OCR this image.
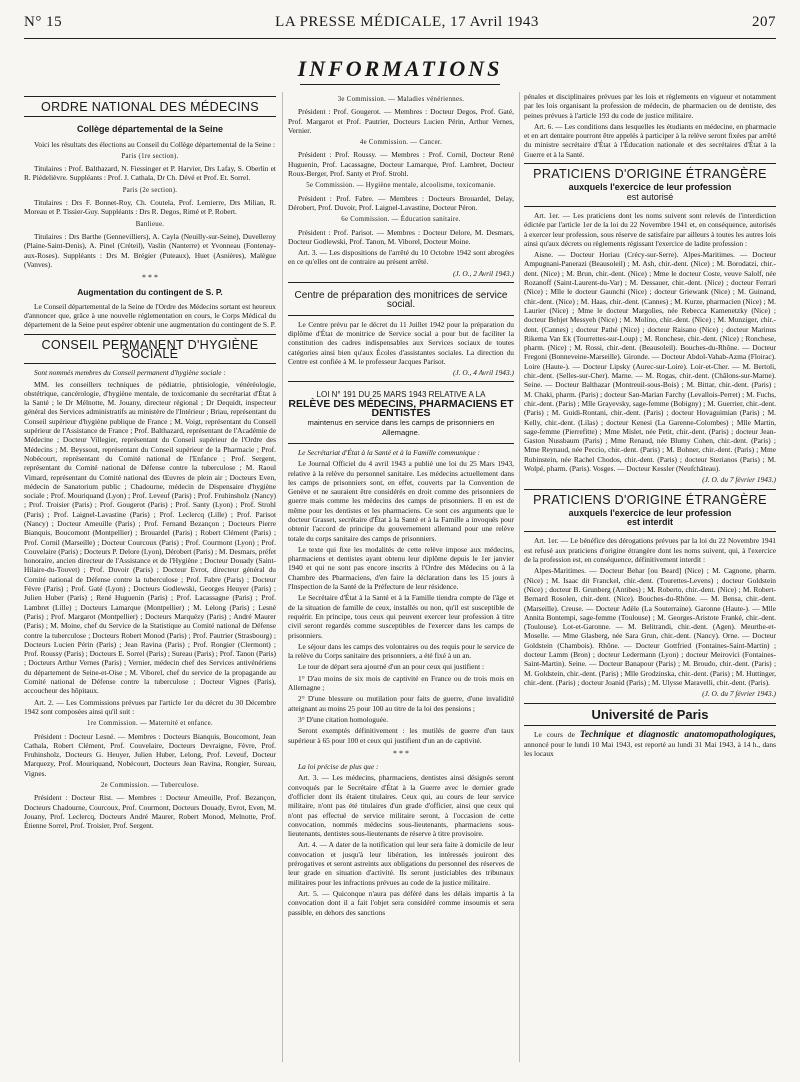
N° 15	LA PRESSE MÉDICALE, 17 Avril 1943	207
INFORMATIONS
ORDRE NATIONAL DES MÉDECINS
Collège départemental de la Seine

Voici les résultats des élections au Conseil du Collège départemental de la Seine :

Paris (1re section).

Titulaires : Prof. Balthazard, N. Fiessinger et P. Harvier, Drs Lafay, S. Oberlin et R. Piédelièvre. Suppléants : Prof. J. Cathala, Dr Ch. Dévé et Prof. Et. Sorrel.

Paris (2e section).

Titulaires : Drs F. Bonnet-Roy, Ch. Coutela, Prof. Lemierre, Drs Milian, R. Moreau et P. Tissier-Guy. Suppléants : Drs R. Degos, Rimé et P. Robert.

Banlieue.

Titulaires : Drs Barthe (Gennevilliers), A. Cayla (Neuilly-sur-Seine), Duvelleroy (Plaine-Saint-Denis), A. Pinel (Créteil), Vaslin (Nanterre) et Yvonneau (Fontenay-aux-Roses). Suppléants : Drs M. Brégier (Puteaux), Huet (Asnières), Malègue (Vanves).

* * *

Augmentation du contingent de S. P.

Le Conseil départemental de la Seine de l'Ordre des Médecins sortant est heureux d'annoncer que, grâce à une nouvelle réglementation en cours, le Corps Médical du département de la Seine peut espérer obtenir une augmentation du contingent de S. P.

CONSEIL PERMANENT D'HYGIÈNE SOCIALE

Sont nommés membres du Conseil permanent d'hygiène sociale :

MM. les conseillers techniques de pédiatrie, phtisiologie, vénéréologie, obstétrique, cancérologie, d'hygiène mentale, de toxicomanie du secrétariat d'État à la Santé ; le Dr Mélnotte, M. Jouany, directeur régional ; Dr Dequidt, inspecteur général des Services administratifs au ministère de l'Intérieur ; Briau, représentant du Conseil supérieur d'hygiène publique de France ; M. Voigt, représentant du Conseil supérieur de l'Assistance de France ; Prof. Balthazard, représentant de l'Académie de Médecine ; Docteur Villegier, représentant du Conseil supérieur de l'Ordre des Médecins ; M. Beyssout, représentant du Conseil supérieur de la Pharmacie ; Prof. Nobécourt, représentant du Comité national de l'Enfance ; Prof. Sergent, représentant du Comité national de Défense contre la tuberculose ; M. Raoul Vimard, représentant du Comité national des Œuvres de plein air ; Docteurs Even, médecin de Sanatorium public ; Chadourne, médecin de Dispensaire d'hygiène sociale ; Prof. Mouriquand (Lyon) ; Prof. Leveuf (Paris) ; Prof. Fruhinsholz (Nancy) ; Prof. Troisier (Paris) ; Prof. Gougerot (Paris) ; Prof. Santy (Lyon) ; Prof. Strohl (Paris) ; Prof. Laignel-Lavastine (Paris) ; Prof. Leclercq (Lille) ; Prof. Parisot (Nancy) ; Docteur Ameuille (Paris) ; Prof. Fernand Bezançon ; Docteurs Pierre Bianquis, Boucomont (Montpellier) ; Brouardel (Paris) ; Robert Clément (Paris) ; Prof. Cornil (Marseille) ; Docteur Courcoux (Paris) ; Prof. Courmont (Lyon) ; Prof. Couvelaire (Paris) ; Docteurs P. Delore (Lyon), Dérobert (Paris) ; M. Desmars, préfet honoraire, ancien directeur de l'Assistance et de l'Hygiène ; Docteur Douady (Saint-Hilaire-du-Touvet) ; Prof. Duvoir (Paris) ; Docteur Evrot, directeur général du Comité national de Défense contre la tuberculose ; Prof. Fabre (Paris) ; Docteur Fèvre (Paris) ; Prof. Gaté (Lyon) ; Docteurs Godlewski, Georges Heuyer (Paris) ; Julien Huber (Paris) ; René Huguenin (Paris) ; Prof. Lacassagne (Paris) ; Prof. Lambret (Lille) ; Docteurs Lamarque (Montpellier) ; M. Lelong (Paris) ; Lesné (Paris) ; Prof. Margarot (Montpellier) ; Docteurs Marquézy (Paris) ; André Maurer (Paris) ; M. Moine, chef du Service de la Statistique au Comité national de Défense contre la tuberculose ; Docteurs Robert Monod (Paris) ; Prof. Pautrier (Strasbourg) ; Docteurs Lucien Périn (Paris) ; Jean Ravina (Paris) ; Prof. Rongier (Clermont) ; Prof. Roussy (Paris) ; Docteurs E. Sorrel (Paris) ; Sureau (Paris) ; Prof. Tanon (Paris) ; Docteurs Arthur Vernes (Paris) ; Vernier, médecin chef des Services antivénériens du département de Seine-et-Oise ; M. Viborel, chef du service de la propagande au Comité national de Défense contre la tuberculose ; Docteur Vignes (Paris), accoucheur des hôpitaux.

Art. 2. — Les Commissions prévues par l'article 1er du décret du 30 Décembre 1942 sont composées ainsi qu'il suit :

1re Commission. — Maternité et enfance.

Président : Docteur Lesné. — Membres : Docteurs Bianquis, Boucomont, Jean Cathala, Robert Clément, Prof. Couvelaire, Docteurs Devraigne, Fèvre, Prof. Fruhinsholz, Docteurs G. Heuyer, Julien Huber, Lelong, Prof. Leveuf, Docteur Marquezy, Prof. Mouriquand, Nobécourt, Docteurs Jean Ravina, Rongier, Sureau, Vignes.

2e Commission. — Tuberculose.

Président : Docteur Rist. — Membres : Docteur Ameuille, Prof. Bezançon, Docteurs Chadourne, Courcoux, Prof. Courmont, Docteurs Douady, Evrot, Even, M. Jouany, Prof. Leclercq, Docteurs André Maurer, Robert Monod, Melnotte, Prof. Étienne Sorrel, Prof. Troisier, Prof. Sergent.

3e Commission. — Maladies vénériennes.

Président : Prof. Gougerot. — Membres : Docteur Degos, Prof. Gaté, Prof. Margarot et Prof. Pautrier, Docteurs Lucien Périn, Arthur Vernes, Vernier.

4e Commission. — Cancer.

Président : Prof. Roussy. — Membres : Prof. Cornil, Docteur René Huguenin, Prof. Lacassagne, Docteur Lamarque, Prof. Lambret, Docteur Roux-Berger, Prof. Santy et Prof. Strohl.

5e Commission. — Hygiène mentale, alcoolisme, toxicomanie.

Président : Prof. Fabre. — Membres : Docteurs Brouardel, Delay, Dérobert, Prof. Duvoir, Prof. Laignel-Lavastine, Docteur Péron.

6e Commission. — Éducation sanitaire.

Président : Prof. Parisot. — Membres : Docteur Delore, M. Desmars, Docteur Godlewski, Prof. Tanon, M. Viborel, Docteur Moine.

Art. 3. — Les dispositions de l'arrêté du 10 Octobre 1942 sont abrogées en ce qu'elles ont de contraire au présent arrêté.

(J. O., 2 Avril 1943.)

Centre de préparation des monitrices de service social.

Le Centre prévu par le décret du 11 Juillet 1942 pour la préparation du diplôme d'État de monitrice de Service social a pour but de faciliter la constitution des cadres indispensables aux Services sociaux de toutes catégories ainsi bien qu'aux Écoles d'assistantes sociales. La direction du Centre est confiée à M. le professeur Jacques Parisot.

(J. O., 4 Avril 1943.)

LOI N° 191 DU 25 MARS 1943 RELATIVE A LA
RELÈVE DES MÉDECINS, PHARMACIENS ET DENTISTES
maintenus en service dans les camps de prisonniers en Allemagne.

Le Secrétariat d'État à la Santé et à la Famille communique :

Le Journal Officiel du 4 avril 1943 a publié une loi du 25 Mars 1943, relative à la relève du personnel sanitaire. Les médecins actuellement dans les camps de prisonniers sont, en effet, couverts par la Convention de Genève et ne sauraient être considérés en droit comme des prisonniers de guerre mais comme les médecins des camps de prisonniers. Il en est de même pour les dentistes et les pharmaciens. Ce sont ces arguments que le docteur Grasset, secrétaire d'État à la Santé et à la Famille a invoqués pour obtenir l'accord de principe du gouvernement allemand pour une relève totale du corps sanitaire des camps de prisonniers.

Le texte qui fixe les modalités de cette relève impose aux médecins, pharmaciens et dentistes ayant obtenu leur diplôme depuis le 1er janvier 1940 et qui ne sont pas encore inscrits à l'Ordre des Médecins ou à la Chambre des Pharmaciens, d'en faire la déclaration dans les 15 jours à l'Inspection de la Santé de la Préfecture de leur résidence.

Le Secrétaire d'État à la Santé et à la Famille tiendra compte de l'âge et de la situation de famille de ceux, installés ou non, qu'il est susceptible de requérir. En principe, tous ceux qui peuvent exercer leur profession à titre civil seront regardés comme susceptibles de l'exercer dans les camps de prisonniers.

Le séjour dans les camps des volontaires ou des requis pour le service de la relève du Corps sanitaire des prisonniers, a été fixé à un an.

Le tour de départ sera ajourné d'un an pour ceux qui justifient :

1° D'au moins de six mois de captivité en France ou de trois mois en Allemagne ;

2° D'une blessure ou mutilation pour faits de guerre, d'une invalidité atteignant au moins 25 pour 100 au titre de la loi des pensions ;

3° D'une citation homologuée.

Seront exemptés définitivement : les mutilés de guerre d'un taux supérieur à 65 pour 100 et ceux qui justifient d'un an de captivité.

* * *

La loi précise de plus que :

Art. 3. — Les médecins, pharmaciens, dentistes ainsi désignés seront convoqués par le Secrétaire d'État à la Guerre avec le dernier grade d'officier dont ils étaient titulaires. Ceux qui, au cours de leur service militaire, n'ont pas été titulaires d'un grade d'officier, ainsi que ceux qui n'ont pas effectué de service militaire seront, à l'occasion de cette convocation, nommés médecins sous-lieutenants, pharmaciens sous-lieutenants, dentistes sous-lieutenants de réserve à titre provisoire.

Art. 4. — A dater de la notification qui leur sera faite à domicile de leur convocation et jusqu'à leur libération, les intéressés jouiront des prérogatives et seront astreints aux obligations du personnel des réserves de leur grade en situation d'activité. Ils seront justiciables des tribunaux militaires pour les infractions prévues au code de la justice militaire.

Art. 5. — Quiconque n'aura pas déféré dans les délais impartis à la convocation dont il a fait l'objet sera considéré comme insoumis et sera passible, en dehors des sanctions

pénales et disciplinaires prévues par les lois et règlements en vigueur et notamment par les lois organisant la profession de médecin, de pharmacien ou de dentiste, des peines prévues à l'article 193 du code de justice militaire.

Art. 6. — Les conditions dans lesquelles les étudiants en médecine, en pharmacie et en art dentaire pourront être appelés à participer à la relève seront fixées par arrêté du ministre secrétaire d'État à l'Éducation nationale et des secrétaires d'État à la Guerre et à la Santé.

PRATICIENS D'ORIGINE ÉTRANGÈRE
auxquels l'exercice de leur profession
est autorisé

Art. 1er. — Les praticiens dont les noms suivent sont relevés de l'interdiction édictée par l'article 1er de la loi du 22 Novembre 1941 et, en conséquence, autorisés à exercer leur profession, sous réserve de satisfaire par ailleurs à toutes les autres lois ainsi qu'aux décrets ou règlements régissant l'exercice de ladite profession :

Aisne. — Docteur Horiau (Crécy-sur-Serre). Alpes-Maritimes. — Docteur Ampugnani-Panerazi (Beausoleil) ; M. Ash, chir.-dent. (Nice) ; M. Borodatzi, chir.-dent. (Nice) ; M. Brun, chir.-dent. (Nice) ; Mme le docteur Coste, veuve Salolf, née Rozanoff (Saint-Laurent-du-Var) ; M. Dessauer, chir.-dent. (Nice) ; docteur Ferrari (Nice) ; Mlle le docteur Gaunchi (Nice) ; docteur Griewank (Nice) ; M. Guinand, chir.-dent. (Nice) ; M. Haas, chir.-dent. (Cannes) ; M. Kurze, pharmacien (Nice) ; M. Laurier (Nice) ; Mme le docteur Margolies, née Rebecca Kamenetzky (Nice) ; docteur Behjet Messyeh (Nice) ; M. Molino, chir.-dent. (Nice) ; M. Munziger, chir.-dent. (Cannes) ; docteur Pathé (Nice) ; docteur Raisano (Nice) ; docteur Marinus Rikema Van Ek (Tourrettes-sur-Loup) ; M. Ronchese, chir.-dent. (Nice) ; Ronchese, pharm. (Nice) ; M. Rossi, chir.-dent. (Beausoleil). Bouches-du-Rhône. — Docteur Fregoni (Bonneveine-Marseille). Gironde. — Docteur Abdol-Vahab-Azma (Floirac). Loire (Haute-). — Docteur Lipsky (Aurec-sur-Loire). Loir-et-Cher. — M. Bertoli, chir.-dent. (Selles-sur-Cher). Marne. — M. Rogas, chir.-dent. (Châlons-sur-Marne). Seine. — Docteur Balthazar (Montreuil-sous-Bois) ; M. Bittar, chir.-dent. (Paris) ; M. Chaki, pharm. (Paris) ; docteur San-Marian Farchy (Levallois-Perret) ; M. Fuchs, chir.-dent. (Paris) ; Mlle Grayevsky, sage-femme (Bobigny) ; M. Guerrier, chir.-dent. (Paris) ; M. Guidi-Rontani, chir.-dent. (Paris) ; docteur Hovaguimian (Paris) ; M. Kelly, chir.-dent. (Lilas) ; docteur Kenesi (La Garenne-Colombes) ; Mlle Martin, sage-femme (Pierrefitte) ; Mme Mislet, née Petit, chir.-dent. (Paris) ; docteur Jean-Gaston Nussbaum (Paris) ; Mme Renaud, née Blumy Cohen, chir.-dent. (Paris) ; Mme Reynaud, née Peccio, chir.-dent. (Paris) ; M. Bohner, chir.-dent. (Paris) ; Mme Rubinstein, née Rachel Chodos, chir.-dent. (Paris) ; docteur Sterianos (Paris) ; M. Wolpé, pharm. (Paris). Vosges. — Docteur Kessler (Neufchâteau).

(J. O. du 7 février 1943.)

PRATICIENS D'ORIGINE ÉTRANGÈRE
auxquels l'exercice de leur profession
est interdit

Art. 1er. — Le bénéfice des dérogations prévues par la loi du 22 Novembre 1941 est refusé aux praticiens d'origine étrangère dont les noms suivent, qui, à l'exercice de la profession est, en conséquence, définitivement interdit :

Alpes-Maritimes. — Docteur Behar [ou Beard] (Nice) ; M. Cagnone, pharm. (Nice) ; M. Isaac dit Franckel, chir.-dent. (Tourettes-Levens) ; docteur Goldstein (Nice) ; docteur B. Grunberg (Antibes) ; M. Roberto, chir.-dent. (Nice) ; M. Robert-Bernard Rosolen, chir.-dent. (Nice). Bouches-du-Rhône. — M. Bensa, chir.-dent. (Marseille). Creuse. — Docteur Adèle (La Souterraine). Garonne (Haute-). — Mlle Annita Bontempi, sage-femme (Toulouse) ; M. Georges-Aristote Franké, chir.-dent. (Toulouse). Lot-et-Garonne. — M. Belitrandi, chir.-dent. (Agen). Meurthe-et-Moselle. — Mme Glasberg, née Sara Grun, chir.-dent. (Nancy). Orne. — Docteur Goldstein (Chambois). Rhône. — Docteur Gottfried (Fontaines-Saint-Martin) ; docteur Lamm (Bron) ; docteur Ledermann (Lyon) ; docteur Meirovici (Fontaines-Saint-Martin). Seine. — Docteur Banapour (Paris) ; M. Broudo, chir.-dent. (Paris) ; M. Goldstein, chir.-dent. (Paris) ; Mlle Grodzinska, chir.-dent. (Paris) ; M. Huttinger, chir.-dent. (Paris) ; docteur Joanid (Paris) ; M. Ulysse Maravelli, chir.-dent. (Paris).

(J. O. du 7 février 1943.)

Université de Paris

Le cours de Technique et diagnostic anatomopathologiques, annoncé pour le lundi 10 Mai 1943, est reporté au lundi 31 Mai 1943, à 14 h., dans les locaux
